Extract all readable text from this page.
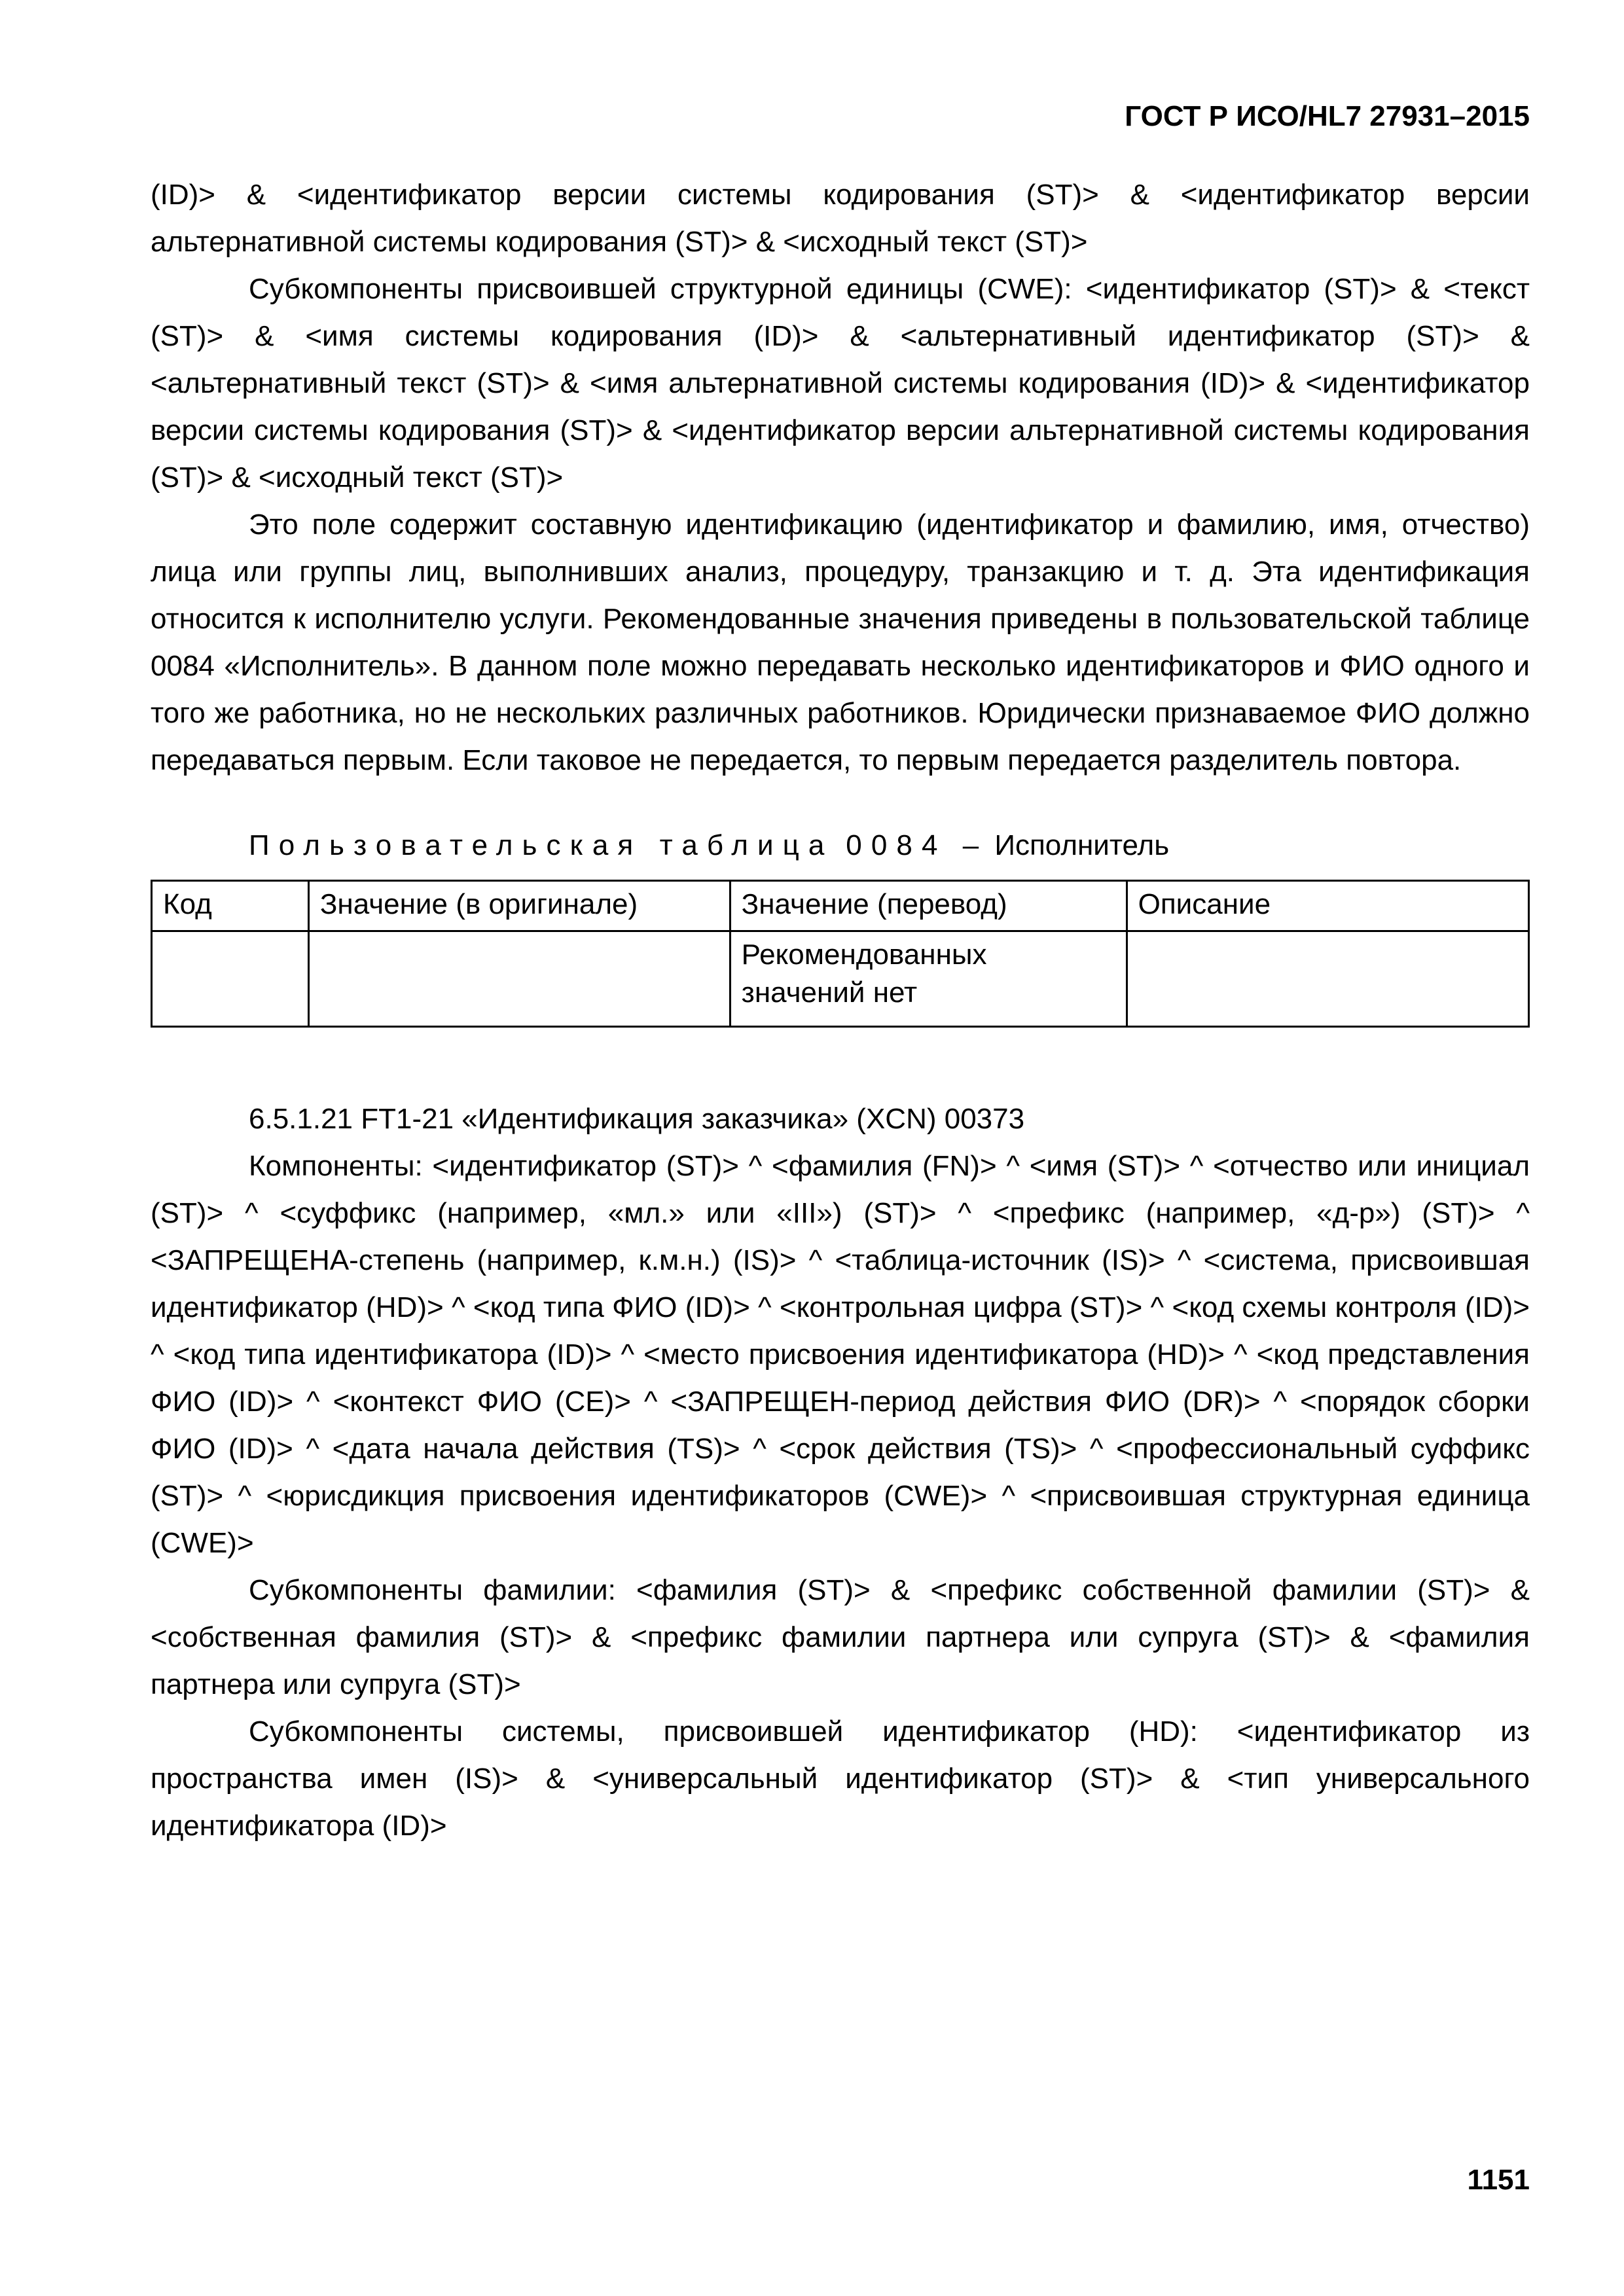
ГОСТ Р ИСО/HL7 27931–2015

(ID)> & <идентификатор версии системы кодирования (ST)> & <идентификатор версии альтернативной системы кодирования (ST)> & <исходный текст (ST)>

Субкомпоненты присвоившей структурной единицы (CWE): <идентификатор (ST)> & <текст (ST)> & <имя системы кодирования (ID)> & <альтернативный идентификатор (ST)> & <альтернативный текст (ST)> & <имя альтернативной системы кодирования (ID)> & <идентификатор версии системы кодирования (ST)> & <идентификатор версии альтернативной системы кодирования (ST)> & <исходный текст (ST)>

Это поле содержит составную идентификацию (идентификатор и фамилию, имя, отчество) лица или группы лиц, выполнивших анализ, процедуру, транзакцию и т. д. Эта идентификация относится к исполнителю услуги. Рекомендованные значения приведены в пользовательской таблице 0084 «Исполнитель». В данном поле можно передавать несколько идентификаторов и ФИО одного и того же работника, но не нескольких различных работников. Юридически признаваемое ФИО должно передаваться первым. Если таковое не передается, то первым передается разделитель повтора.

Пользовательская таблица 0084 – Исполнитель

Код	Значение (в оригинале)	Значение (перевод)	Описание
		Рекомендованных значений нет	

6.5.1.21 FT1-21 «Идентификация заказчика» (XCN) 00373

Компоненты: <идентификатор (ST)> ^ <фамилия (FN)> ^ <имя (ST)> ^ <отчество или инициал (ST)> ^ <суффикс (например, «мл.» или «III») (ST)> ^ <префикс (например, «д-р») (ST)> ^ <ЗАПРЕЩЕНА-степень (например, к.м.н.) (IS)> ^ <таблица-источник (IS)> ^ <система, присвоившая идентификатор (HD)> ^ <код типа ФИО (ID)> ^ <контрольная цифра (ST)> ^ <код схемы контроля (ID)> ^ <код типа идентификатора (ID)> ^ <место присвоения идентификатора (HD)> ^ <код представления ФИО (ID)> ^ <контекст ФИО (CE)> ^ <ЗАПРЕЩЕН-период действия ФИО (DR)> ^ <порядок сборки ФИО (ID)> ^ <дата начала действия (TS)> ^ <срок действия (TS)> ^ <профессиональный суффикс (ST)> ^ <юрисдикция присвоения идентификаторов (CWE)> ^ <присвоившая структурная единица (CWE)>

Субкомпоненты фамилии: <фамилия (ST)> & <префикс собственной фамилии (ST)> & <собственная фамилия (ST)> & <префикс фамилии партнера или супруга (ST)> & <фамилия партнера или супруга (ST)>

Субкомпоненты системы, присвоившей идентификатор (HD): <идентификатор из пространства имен (IS)> & <универсальный идентификатор (ST)> & <тип универсального идентификатора (ID)>

1151
